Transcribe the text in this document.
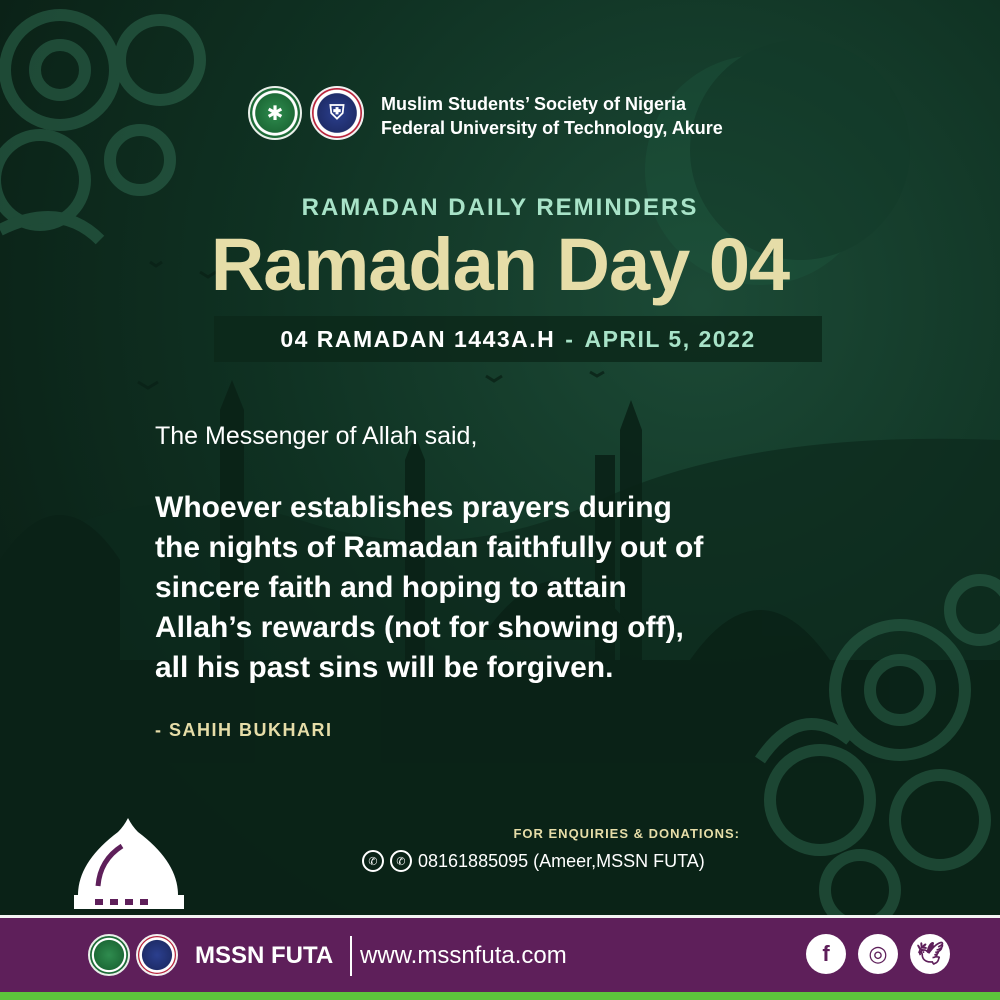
✱ ⛨ Muslim Students’ Society of Nigeria
Federal University of Technology, Akure
RAMADAN DAILY REMINDERS
Ramadan Day 04
04 RAMADAN 1443A.H - APRIL 5, 2022
The Messenger of Allah said,
Whoever establishes prayers during
the nights of Ramadan faithfully out of
sincere faith and hoping to attain
Allah’s rewards (not for showing off),
all his past sins will be forgiven.
- SAHIH BUKHARI
FOR ENQUIRIES & DONATIONS:
✆	✆ 08161885095 (Ameer,MSSN FUTA)
MSSN FUTA www.mssnfuta.com	f	◎	🕊
